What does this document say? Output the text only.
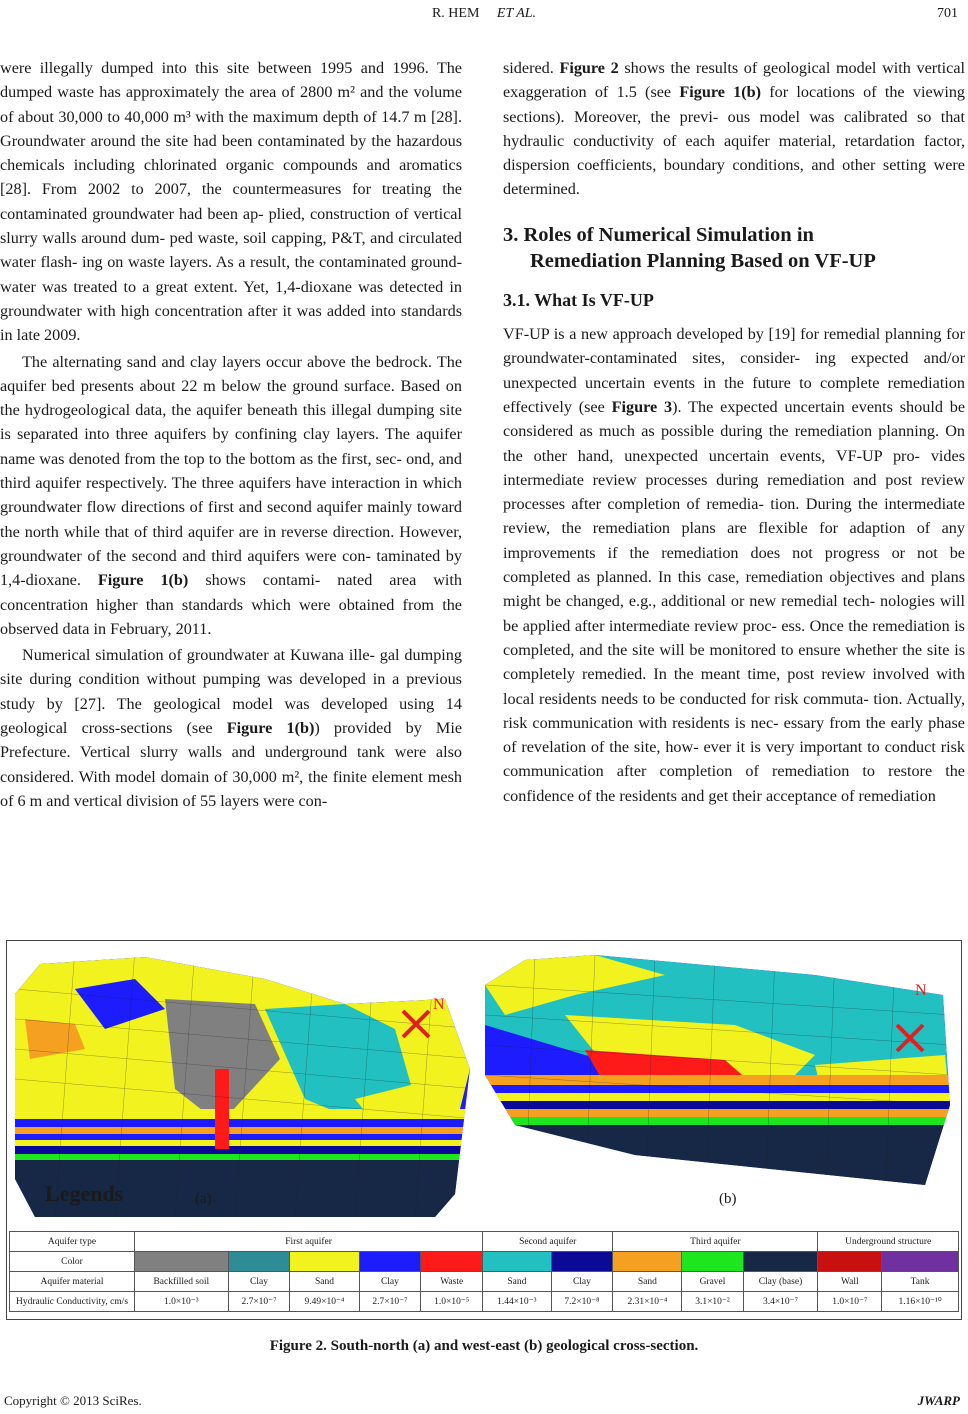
R. HEM ET AL.	701

were illegally dumped into this site between 1995 and 1996. The dumped waste has approximately the area of 2800 m² and the volume of about 30,000 to 40,000 m³ with the maximum depth of 14.7 m [28]. Groundwater around the site had been contaminated by the hazardous chemicals including chlorinated organic compounds and aromatics [28]. From 2002 to 2007, the countermeasures for treating the contaminated groundwater had been ap- plied, construction of vertical slurry walls around dum- ped waste, soil capping, P&T, and circulated water flash- ing on waste layers. As a result, the contaminated ground- water was treated to a great extent. Yet, 1,4-dioxane was detected in groundwater with high concentration after it was added into standards in late 2009.

The alternating sand and clay layers occur above the bedrock. The aquifer bed presents about 22 m below the ground surface. Based on the hydrogeological data, the aquifer beneath this illegal dumping site is separated into three aquifers by confining clay layers. The aquifer name was denoted from the top to the bottom as the first, sec- ond, and third aquifer respectively. The three aquifers have interaction in which groundwater flow directions of first and second aquifer mainly toward the north while that of third aquifer are in reverse direction. However, groundwater of the second and third aquifers were con- taminated by 1,4-dioxane. Figure 1(b) shows contami- nated area with concentration higher than standards which were obtained from the observed data in February, 2011.

Numerical simulation of groundwater at Kuwana ille- gal dumping site during condition without pumping was developed in a previous study by [27]. The geological model was developed using 14 geological cross-sections (see Figure 1(b)) provided by Mie Prefecture. Vertical slurry walls and underground tank were also considered. With model domain of 30,000 m², the finite element mesh of 6 m and vertical division of 55 layers were con-

sidered. Figure 2 shows the results of geological model with vertical exaggeration of 1.5 (see Figure 1(b) for locations of the viewing sections). Moreover, the previ- ous model was calibrated so that hydraulic conductivity of each aquifer material, retardation factor, dispersion coefficients, boundary conditions, and other setting were determined.

3. Roles of Numerical Simulation in
Remediation Planning Based on VF-UP
3.1. What Is VF-UP

VF-UP is a new approach developed by [19] for remedial planning for groundwater-contaminated sites, consider- ing expected and/or unexpected uncertain events in the future to complete remediation effectively (see Figure 3). The expected uncertain events should be considered as much as possible during the remediation planning. On the other hand, unexpected uncertain events, VF-UP pro- vides intermediate review processes during remediation and post review processes after completion of remedia- tion. During the intermediate review, the remediation plans are flexible for adaption of any improvements if the remediation does not progress or not be completed as planned. In this case, remediation objectives and plans might be changed, e.g., additional or new remedial tech- nologies will be applied after intermediate review proc- ess. Once the remediation is completed, and the site will be monitored to ensure whether the site is completely remedied. In the meant time, post review involved with local residents needs to be conducted for risk commuta- tion. Actually, risk communication with residents is nec- essary from the early phase of revelation of the site, how- ever it is very important to conduct risk communication after completion of remediation to restore the confidence of the residents and get their acceptance of remediation

N
N
Legends	(a)	(b)
Aquifer type	First aquifer					Second aquifer		Third aquifer			Underground structure	
Color												
Aquifer material	Backfilled soil	Clay	Sand	Clay	Waste	Sand	Clay	Sand	Gravel	Clay (base)	Wall	Tank
Hydraulic Conductivity, cm/s	1.0×10⁻³	2.7×10⁻⁷	9.49×10⁻⁴	2.7×10⁻⁷	1.0×10⁻⁵	1.44×10⁻³	7.2×10⁻⁸	2.31×10⁻⁴	3.1×10⁻²	3.4×10⁻⁷	1.0×10⁻⁷	1.16×10⁻¹⁰
Figure 2. South-north (a) and west-east (b) geological cross-section.
Copyright © 2013 SciRes.	JWARP
